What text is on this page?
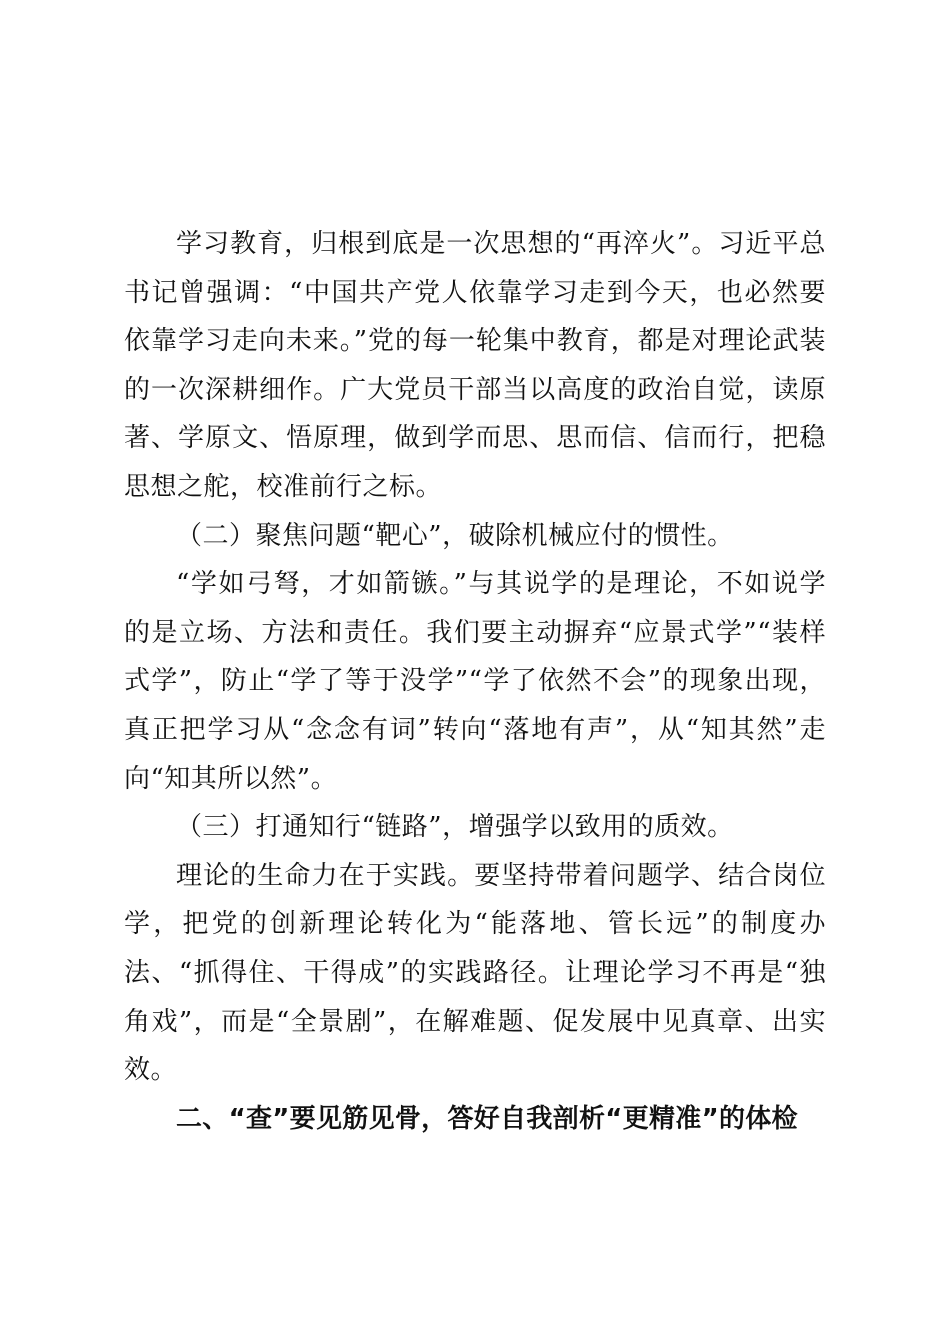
学习教育，归根到底是一次思想的“再淬火”。习近平总书记曾强调：“中国共产党人依靠学习走到今天，也必然要依靠学习走向未来。”党的每一轮集中教育，都是对理论武装的一次深耕细作。广大党员干部当以高度的政治自觉，读原著、学原文、悟原理，做到学而思、思而信、信而行，把稳思想之舵，校准前行之标。

（二）聚焦问题“靶心”，破除机械应付的惯性。

“学如弓弩，才如箭镞。”与其说学的是理论，不如说学的是立场、方法和责任。我们要主动摒弃“应景式学”“装样式学”，防止“学了等于没学”“学了依然不会”的现象出现，真正把学习从“念念有词”转向“落地有声”，从“知其然”走向“知其所以然”。

（三）打通知行“链路”，增强学以致用的质效。

理论的生命力在于实践。要坚持带着问题学、结合岗位学，把党的创新理论转化为“能落地、管长远”的制度办法、“抓得住、干得成”的实践路径。让理论学习不再是“独角戏”，而是“全景剧”，在解难题、促发展中见真章、出实效。

二、“查”要见筋见骨，答好自我剖析“更精准”的体检
